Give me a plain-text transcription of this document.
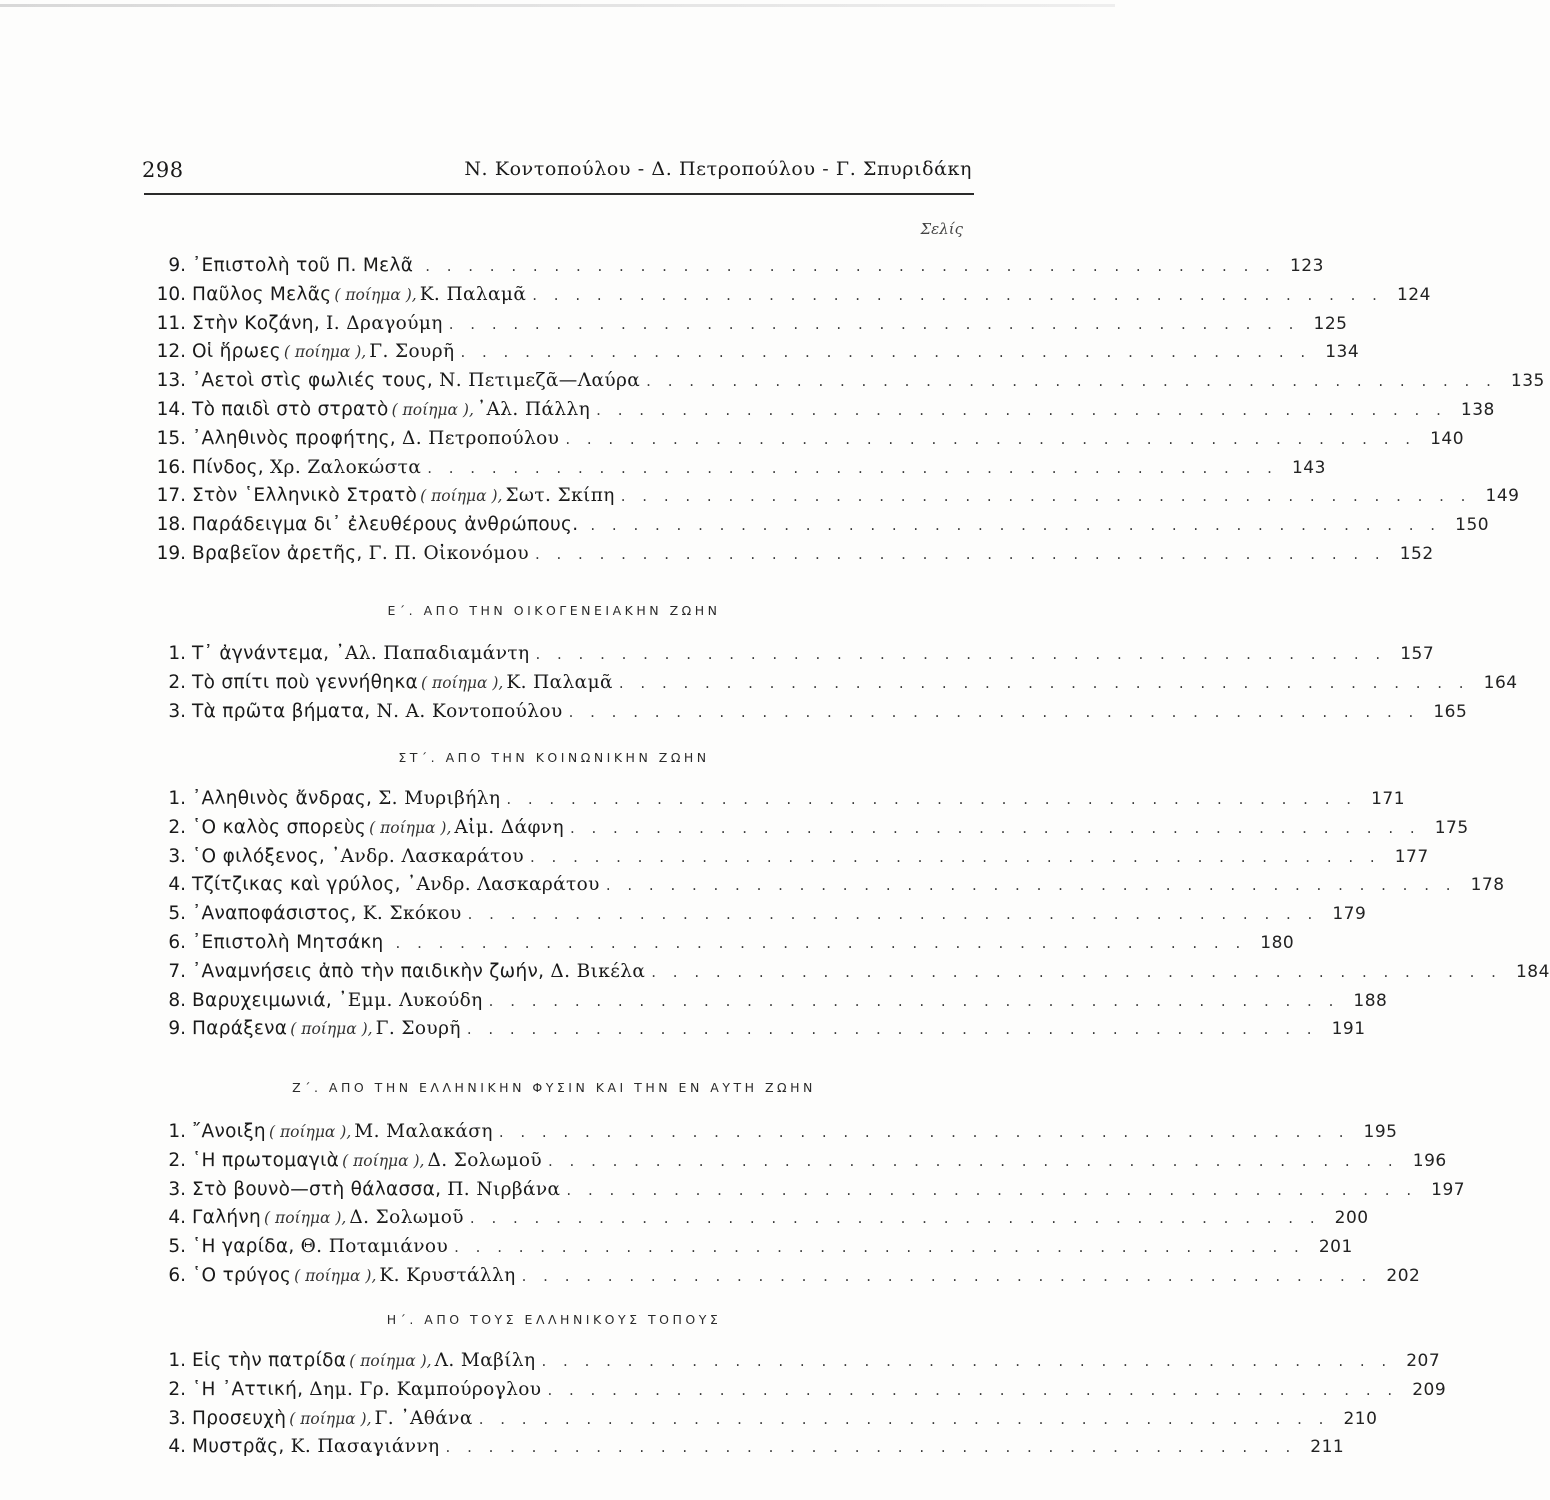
298	Ν. Κοντοπούλου - Δ. Πετροπούλου - Γ. Σπυριδάκη
Σελίς
9. ᾿Επιστολὴ τοῦ Π. Μελᾶ . . . . . . . . . . . . . . . . . . . . . . . . . . . . . . . . . . . . . . . . 123
10. Παῦλος Μελᾶς ( ποίημα ), Κ. Παλαμᾶ . . . . . . . . . . . . . . . . . . . . . . . . . . . . . . . . . . . . . . . . 124
11. Στὴν Κοζάνη, Ι. Δραγούμη . . . . . . . . . . . . . . . . . . . . . . . . . . . . . . . . . . . . . . . . 125
12. Οἱ ἥρωες ( ποίημα ), Γ. Σουρῆ . . . . . . . . . . . . . . . . . . . . . . . . . . . . . . . . . . . . . . . . 134
13. ᾿Αετοὶ στὶς φωλιές τους, Ν. Πετιμεζᾶ—Λαύρα . . . . . . . . . . . . . . . . . . . . . . . . . . . . . . . . . . . . . . . . 135
14. Τὸ παιδὶ στὸ στρατὸ ( ποίημα ), ᾿Αλ. Πάλλη . . . . . . . . . . . . . . . . . . . . . . . . . . . . . . . . . . . . . . . . 138
15. ᾿Αληθινὸς προφήτης, Δ. Πετροπούλου . . . . . . . . . . . . . . . . . . . . . . . . . . . . . . . . . . . . . . . . 140
16. Πίνδος, Χρ. Ζαλοκώστα . . . . . . . . . . . . . . . . . . . . . . . . . . . . . . . . . . . . . . . . 143
17. Στὸν ῾Ελληνικὸ Στρατὸ ( ποίημα ), Σωτ. Σκίπη . . . . . . . . . . . . . . . . . . . . . . . . . . . . . . . . . . . . . . . . 149
18. Παράδειγμα δι᾿ ἐλευθέρους ἀνθρώπους. . . . . . . . . . . . . . . . . . . . . . . . . . . . . . . . . . . . . . . . . 150
19. Βραβεῖον ἀρετῆς, Γ. Π. Οἰκονόμου . . . . . . . . . . . . . . . . . . . . . . . . . . . . . . . . . . . . . . . . 152
Ε΄. ΑΠΟ ΤΗΝ ΟΙΚΟΓΕΝΕΙΑΚΗΝ ΖΩΗΝ
1. Τ᾿ ἀγνάντεμα, ᾿Αλ. Παπαδιαμάντη . . . . . . . . . . . . . . . . . . . . . . . . . . . . . . . . . . . . . . . . 157
2. Τὸ σπίτι ποὺ γεννήθηκα ( ποίημα ), Κ. Παλαμᾶ . . . . . . . . . . . . . . . . . . . . . . . . . . . . . . . . . . . . . . . . 164
3. Τὰ πρῶτα βήματα, Ν. Α. Κοντοπούλου . . . . . . . . . . . . . . . . . . . . . . . . . . . . . . . . . . . . . . . . 165
ΣΤ΄. ΑΠΟ ΤΗΝ ΚΟΙΝΩΝΙΚΗΝ ΖΩΗΝ
1. ᾿Αληθινὸς ἄνδρας, Σ. Μυριβήλη . . . . . . . . . . . . . . . . . . . . . . . . . . . . . . . . . . . . . . . . 171
2. ῾Ο καλὸς σπορεὺς ( ποίημα ), Αἰμ. Δάφνη . . . . . . . . . . . . . . . . . . . . . . . . . . . . . . . . . . . . . . . . 175
3. ῾Ο φιλόξενος, ᾿Ανδρ. Λασκαράτου . . . . . . . . . . . . . . . . . . . . . . . . . . . . . . . . . . . . . . . . 177
4. Τζίτζικας καὶ γρύλος, ᾿Ανδρ. Λασκαράτου . . . . . . . . . . . . . . . . . . . . . . . . . . . . . . . . . . . . . . . . 178
5. ᾿Αναποφάσιστος, Κ. Σκόκου . . . . . . . . . . . . . . . . . . . . . . . . . . . . . . . . . . . . . . . . 179
6. ᾿Επιστολὴ Μητσάκη . . . . . . . . . . . . . . . . . . . . . . . . . . . . . . . . . . . . . . . . 180
7. ᾿Αναμνήσεις ἀπὸ τὴν παιδικὴν ζωήν, Δ. Βικέλα . . . . . . . . . . . . . . . . . . . . . . . . . . . . . . . . . . . . . . . . 184
8. Βαρυχειμωνιά, ᾿Εμμ. Λυκούδη . . . . . . . . . . . . . . . . . . . . . . . . . . . . . . . . . . . . . . . . 188
9. Παράξενα ( ποίημα ), Γ. Σουρῆ . . . . . . . . . . . . . . . . . . . . . . . . . . . . . . . . . . . . . . . . 191
Ζ΄. ΑΠΟ ΤΗΝ ΕΛΛΗΝΙΚΗΝ ΦΥΣΙΝ ΚΑΙ ΤΗΝ ΕΝ ΑΥΤΗ ΖΩΗΝ
1. ῎Ανοιξη ( ποίημα ), Μ. Μαλακάση . . . . . . . . . . . . . . . . . . . . . . . . . . . . . . . . . . . . . . . . 195
2. ῾Η πρωτομαγιὰ ( ποίημα ), Δ. Σολωμοῦ . . . . . . . . . . . . . . . . . . . . . . . . . . . . . . . . . . . . . . . . 196
3. Στὸ βουνὸ—στὴ θάλασσα, Π. Νιρβάνα . . . . . . . . . . . . . . . . . . . . . . . . . . . . . . . . . . . . . . . . 197
4. Γαλήνη ( ποίημα ), Δ. Σολωμοῦ . . . . . . . . . . . . . . . . . . . . . . . . . . . . . . . . . . . . . . . . 200
5. ῾Η γαρίδα, Θ. Ποταμιάνου . . . . . . . . . . . . . . . . . . . . . . . . . . . . . . . . . . . . . . . . 201
6. ῾Ο τρύγος ( ποίημα ), Κ. Κρυστάλλη . . . . . . . . . . . . . . . . . . . . . . . . . . . . . . . . . . . . . . . . 202
Η΄. ΑΠΟ ΤΟΥΣ ΕΛΛΗΝΙΚΟΥΣ ΤΟΠΟΥΣ
1. Εἰς τὴν πατρίδα ( ποίημα ), Λ. Μαβίλη . . . . . . . . . . . . . . . . . . . . . . . . . . . . . . . . . . . . . . . . 207
2. ῾Η ᾿Αττική, Δημ. Γρ. Καμπούρογλου . . . . . . . . . . . . . . . . . . . . . . . . . . . . . . . . . . . . . . . . 209
3. Προσευχὴ ( ποίημα ), Γ. ᾿Αθάνα . . . . . . . . . . . . . . . . . . . . . . . . . . . . . . . . . . . . . . . . 210
4. Μυστρᾶς, Κ. Πασαγιάννη . . . . . . . . . . . . . . . . . . . . . . . . . . . . . . . . . . . . . . . . 211
